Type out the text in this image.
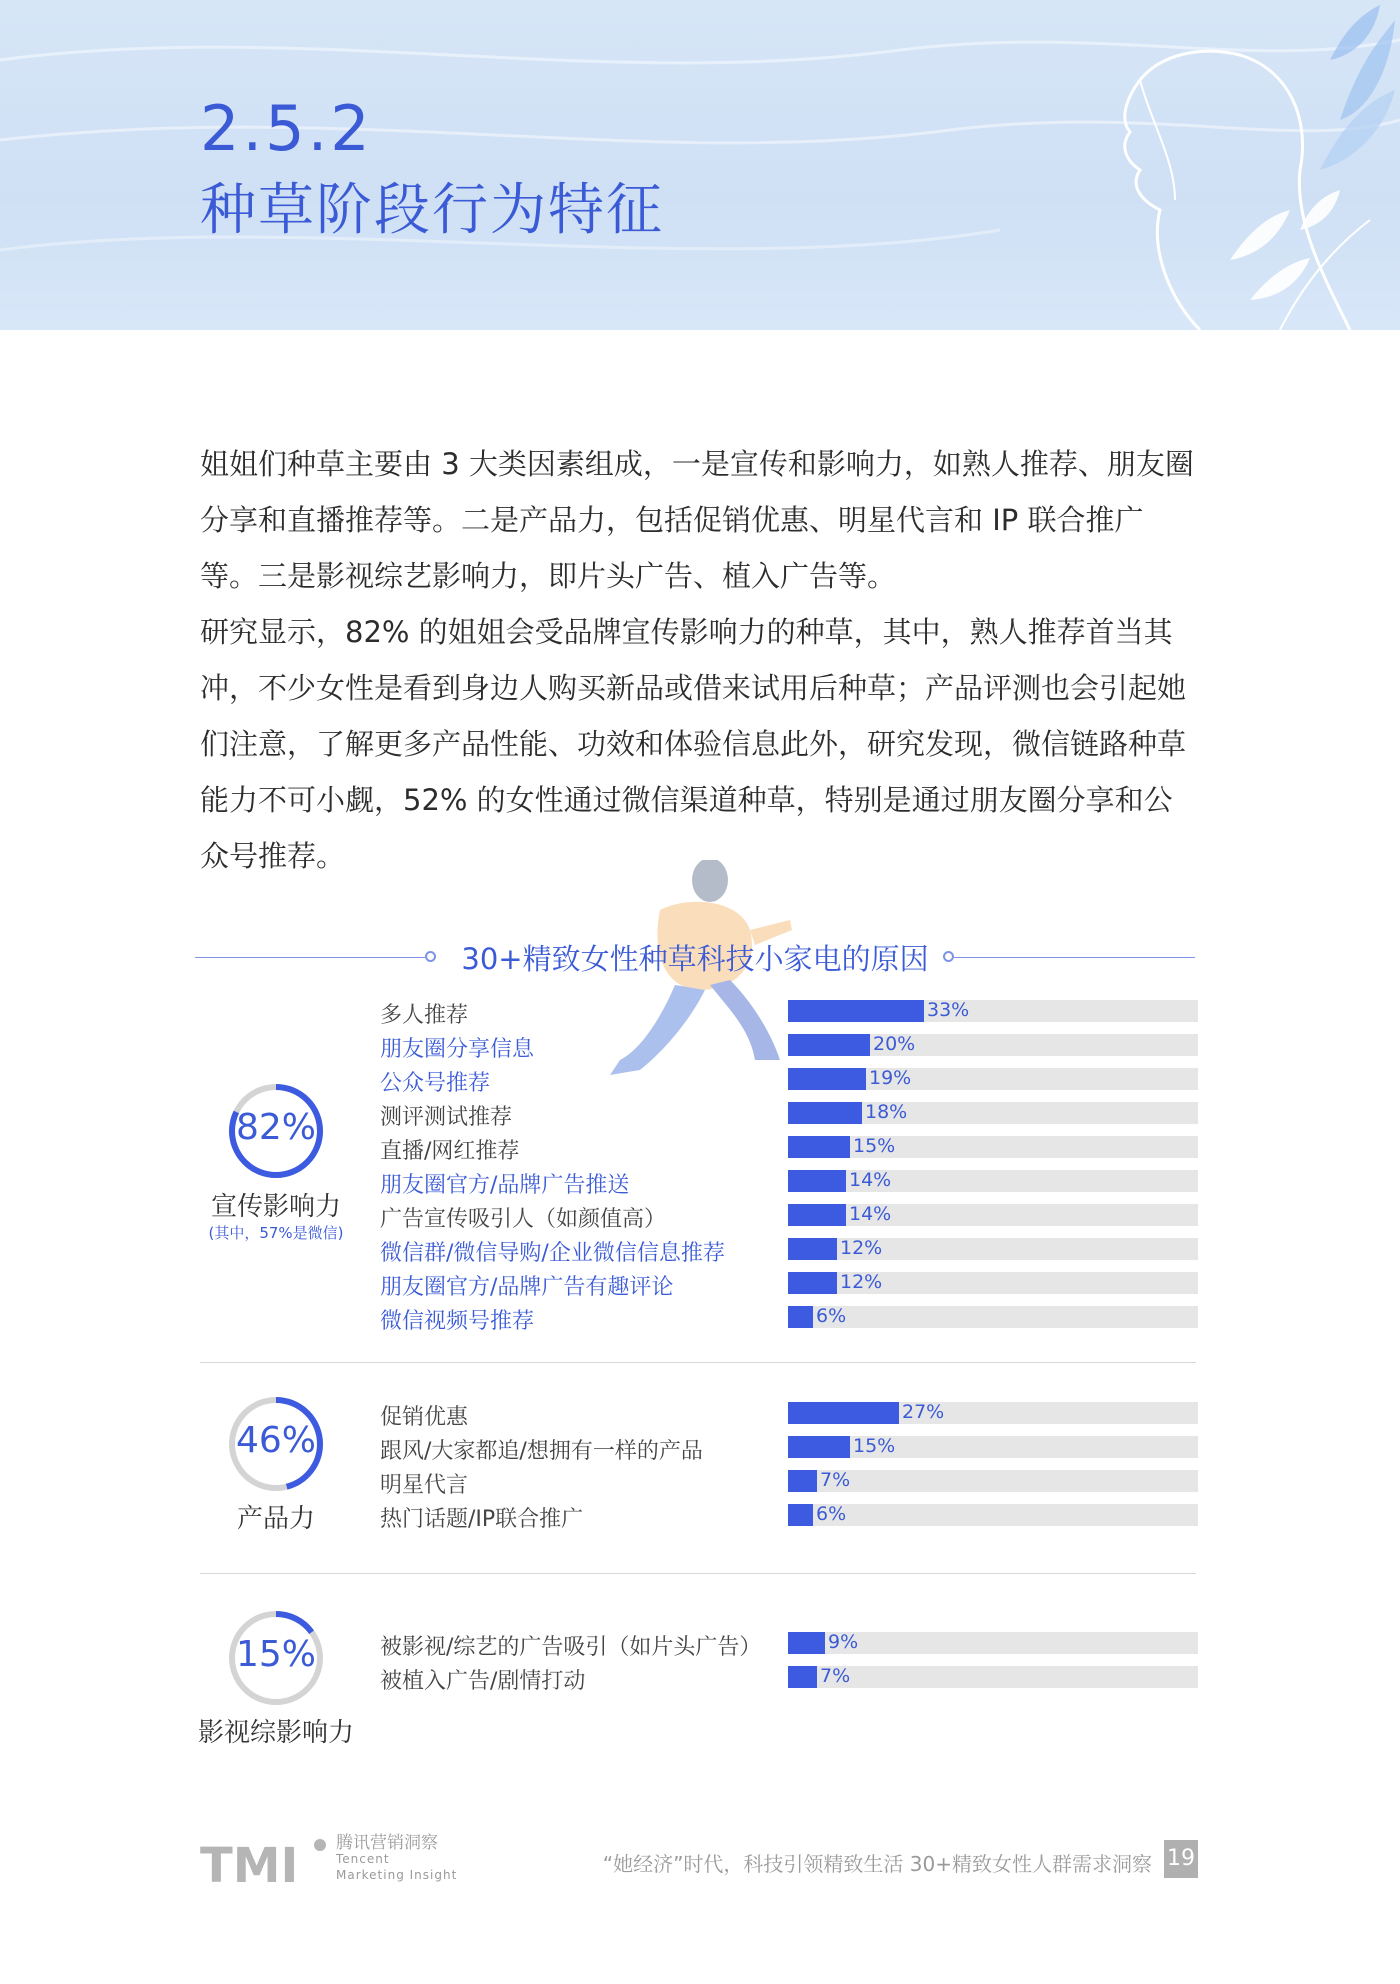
2.5.2
种草阶段行为特征

姐姐们种草主要由 3 大类因素组成，一是宣传和影响力，如熟人推荐、朋友圈分享和直播推荐等。二是产品力，包括促销优惠、明星代言和 IP 联合推广等。三是影视综艺影响力，即片头广告、植入广告等。

研究显示，82% 的姐姐会受品牌宣传影响力的种草，其中，熟人推荐首当其冲，不少女性是看到身边人购买新品或借来试用后种草；产品评测也会引起她们注意，了解更多产品性能、功效和体验信息此外，研究发现，微信链路种草能力不可小觑，52% 的女性通过微信渠道种草，特别是通过朋友圈分享和公众号推荐。

30+精致女性种草科技小家电的原因
82%
宣传影响力
(其中，57%是微信)
多人推荐	33%
朋友圈分享信息	20%
公众号推荐	19%
测评测试推荐	18%
直播/网红推荐	15%
朋友圈官方/品牌广告推送	14%
广告宣传吸引人（如颜值高）	14%
微信群/微信导购/企业微信信息推荐	12%
朋友圈官方/品牌广告有趣评论	12%
微信视频号推荐	6%
46%
产品力
促销优惠	27%
跟风/大家都追/想拥有一样的产品	15%
明星代言	7%
热门话题/IP联合推广	6%
15%
影视综影响力
被影视/综艺的广告吸引（如片头广告）	9%
被植入广告/剧情打动	7%
TMI 腾讯营销洞察
Tencent
Marketing Insight	“她经济”时代，科技引领精致生活 30+精致女性人群需求洞察 19
